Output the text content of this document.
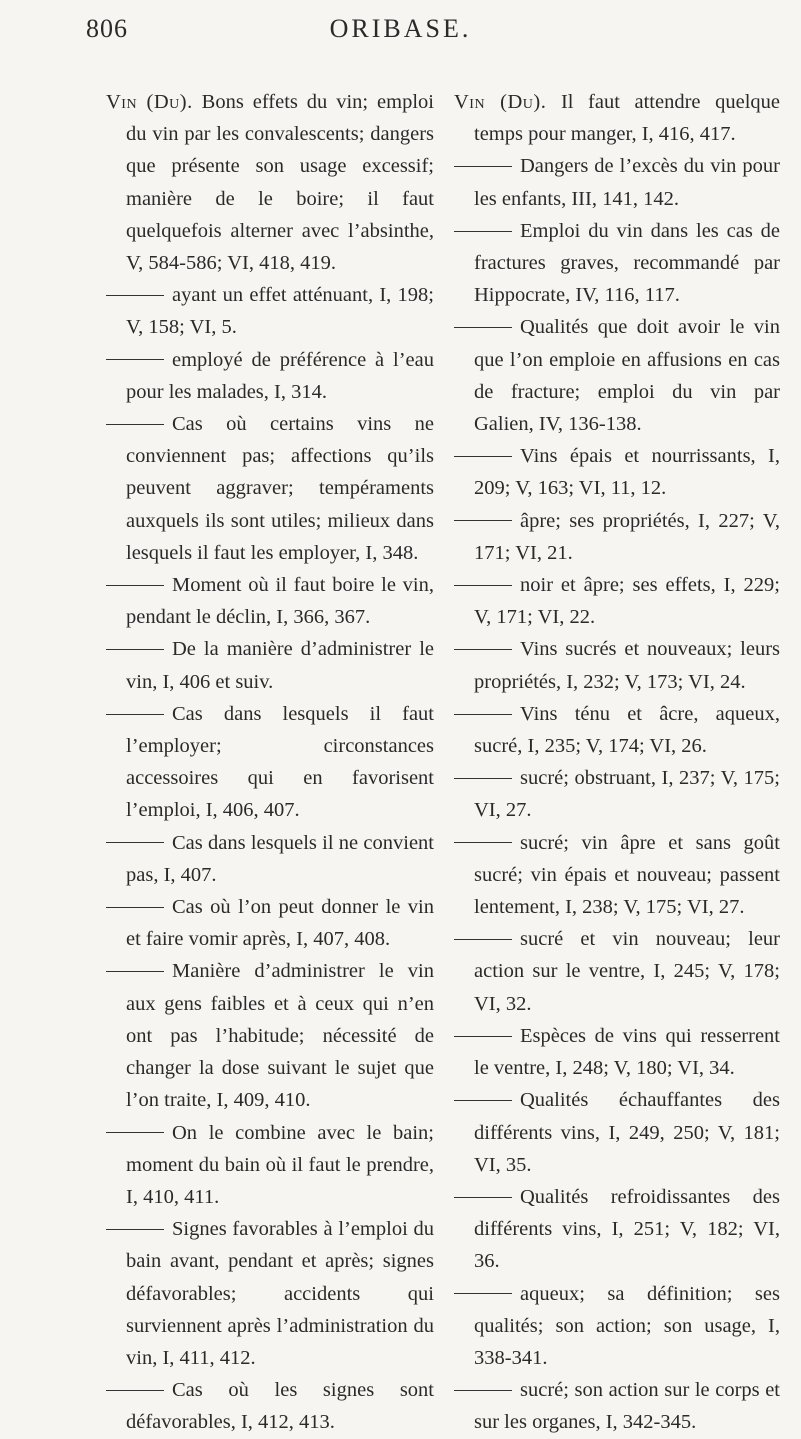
806	ORIBASE.

Vin (Du). Bons effets du vin; emploi du vin par les convalescents; dangers que présente son usage excessif; manière de le boire; il faut quelquefois alterner avec l’absinthe, V, 584-586; VI, 418, 419.

ayant un effet atténuant, I, 198; V, 158; VI, 5.

employé de préférence à l’eau pour les malades, I, 314.

Cas où certains vins ne conviennent pas; affections qu’ils peuvent aggraver; tempéraments auxquels ils sont utiles; milieux dans lesquels il faut les employer, I, 348.

Moment où il faut boire le vin, pendant le déclin, I, 366, 367.

De la manière d’administrer le vin, I, 406 et suiv.

Cas dans lesquels il faut l’employer; circonstances accessoires qui en favorisent l’emploi, I, 406, 407.

Cas dans lesquels il ne convient pas, I, 407.

Cas où l’on peut donner le vin et faire vomir après, I, 407, 408.

Manière d’administrer le vin aux gens faibles et à ceux qui n’en ont pas l’habitude; nécessité de changer la dose suivant le sujet que l’on traite, I, 409, 410.

On le combine avec le bain; moment du bain où il faut le prendre, I, 410, 411.

Signes favorables à l’emploi du bain avant, pendant et après; signes défavorables; accidents qui surviennent après l’administration du vin, I, 411, 412.

Cas où les signes sont défavorables, I, 412, 413.

Vin (Du). Il faut attendre quelque temps pour manger, I, 416, 417.

Dangers de l’excès du vin pour les enfants, III, 141, 142.

Emploi du vin dans les cas de fractures graves, recommandé par Hippocrate, IV, 116, 117.

Qualités que doit avoir le vin que l’on emploie en affusions en cas de fracture; emploi du vin par Galien, IV, 136-138.

Vins épais et nourrissants, I, 209; V, 163; VI, 11, 12.

âpre; ses propriétés, I, 227; V, 171; VI, 21.

noir et âpre; ses effets, I, 229; V, 171; VI, 22.

Vins sucrés et nouveaux; leurs propriétés, I, 232; V, 173; VI, 24.

Vins ténu et âcre, aqueux, sucré, I, 235; V, 174; VI, 26.

sucré; obstruant, I, 237; V, 175; VI, 27.

sucré; vin âpre et sans goût sucré; vin épais et nouveau; passent lentement, I, 238; V, 175; VI, 27.

sucré et vin nouveau; leur action sur le ventre, I, 245; V, 178; VI, 32.

Espèces de vins qui resserrent le ventre, I, 248; V, 180; VI, 34.

Qualités échauffantes des différents vins, I, 249, 250; V, 181; VI, 35.

Qualités refroidissantes des différents vins, I, 251; V, 182; VI, 36.

aqueux; sa définition; ses qualités; son action; son usage, I, 338-341.

sucré; son action sur le corps et sur les organes, I, 342-345.
